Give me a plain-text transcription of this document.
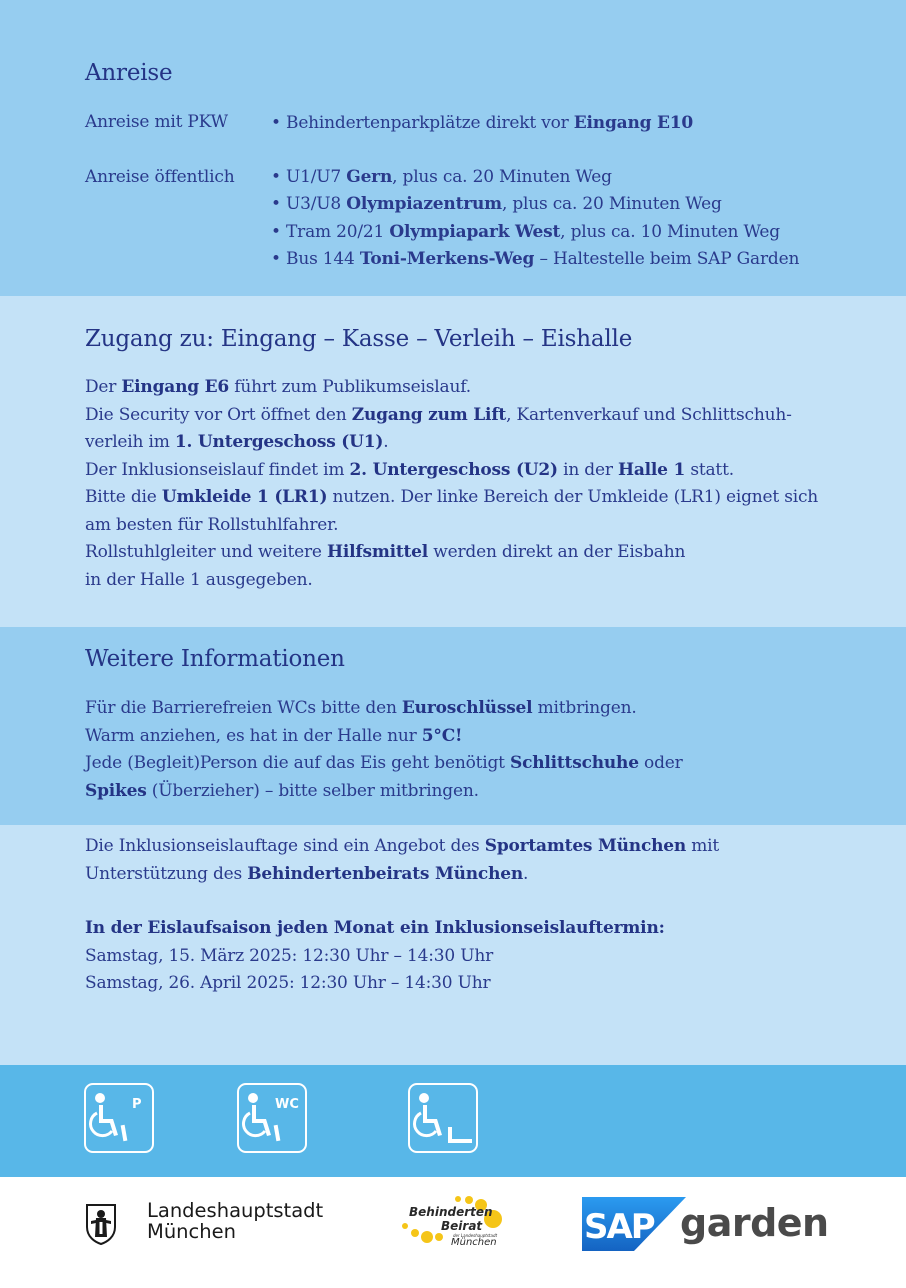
Anreise
Anreise mit PKW	• Behindertenparkplätze direkt vor Eingang E10
Anreise öffentlich • U1/U7 Gern, plus ca. 20 Minuten Weg
• U3/U8 Olympiazentrum, plus ca. 20 Minuten Weg
• Tram 20/21 Olympiapark West, plus ca. 10 Minuten Weg
• Bus 144 Toni-Merkens-Weg – Haltestelle beim SAP Garden
Zugang zu: Eingang – Kasse – Verleih – Eishalle
Der Eingang E6 führt zum Publikumseislauf.
Die Security vor Ort öffnet den Zugang zum Lift, Kartenverkauf und Schlittschuh-
verleih im 1. Untergeschoss (U1).
Der Inklusionseislauf findet im 2. Untergeschoss (U2) in der Halle 1 statt.
Bitte die Umkleide 1 (LR1) nutzen. Der linke Bereich der Umkleide (LR1) eignet sich
am besten für Rollstuhlfahrer.
Rollstuhlgleiter und weitere Hilfsmittel werden direkt an der Eisbahn
in der Halle 1 ausgegeben.
Weitere Informationen
Für die Barrierefreien WCs bitte den Euroschlüssel mitbringen.
Warm anziehen, es hat in der Halle nur 5°C!
Jede (Begleit)Person die auf das Eis geht benötigt Schlittschuhe oder
Spikes (Überzieher) – bitte selber mitbringen.
Die Inklusionseislauftage sind ein Angebot des Sportamtes München mit
Unterstützung des Behindertenbeirats München.
In der Eislaufsaison jeden Monat ein Inklusionseislauftermin:
Samstag, 15. März 2025: 12:30 Uhr – 14:30 Uhr
Samstag, 26. April 2025: 12:30 Uhr – 14:30 Uhr
P	WC
Landeshauptstadt
München
Behinderten
Beirat
der Landeshauptstadt
München	SAP garden
